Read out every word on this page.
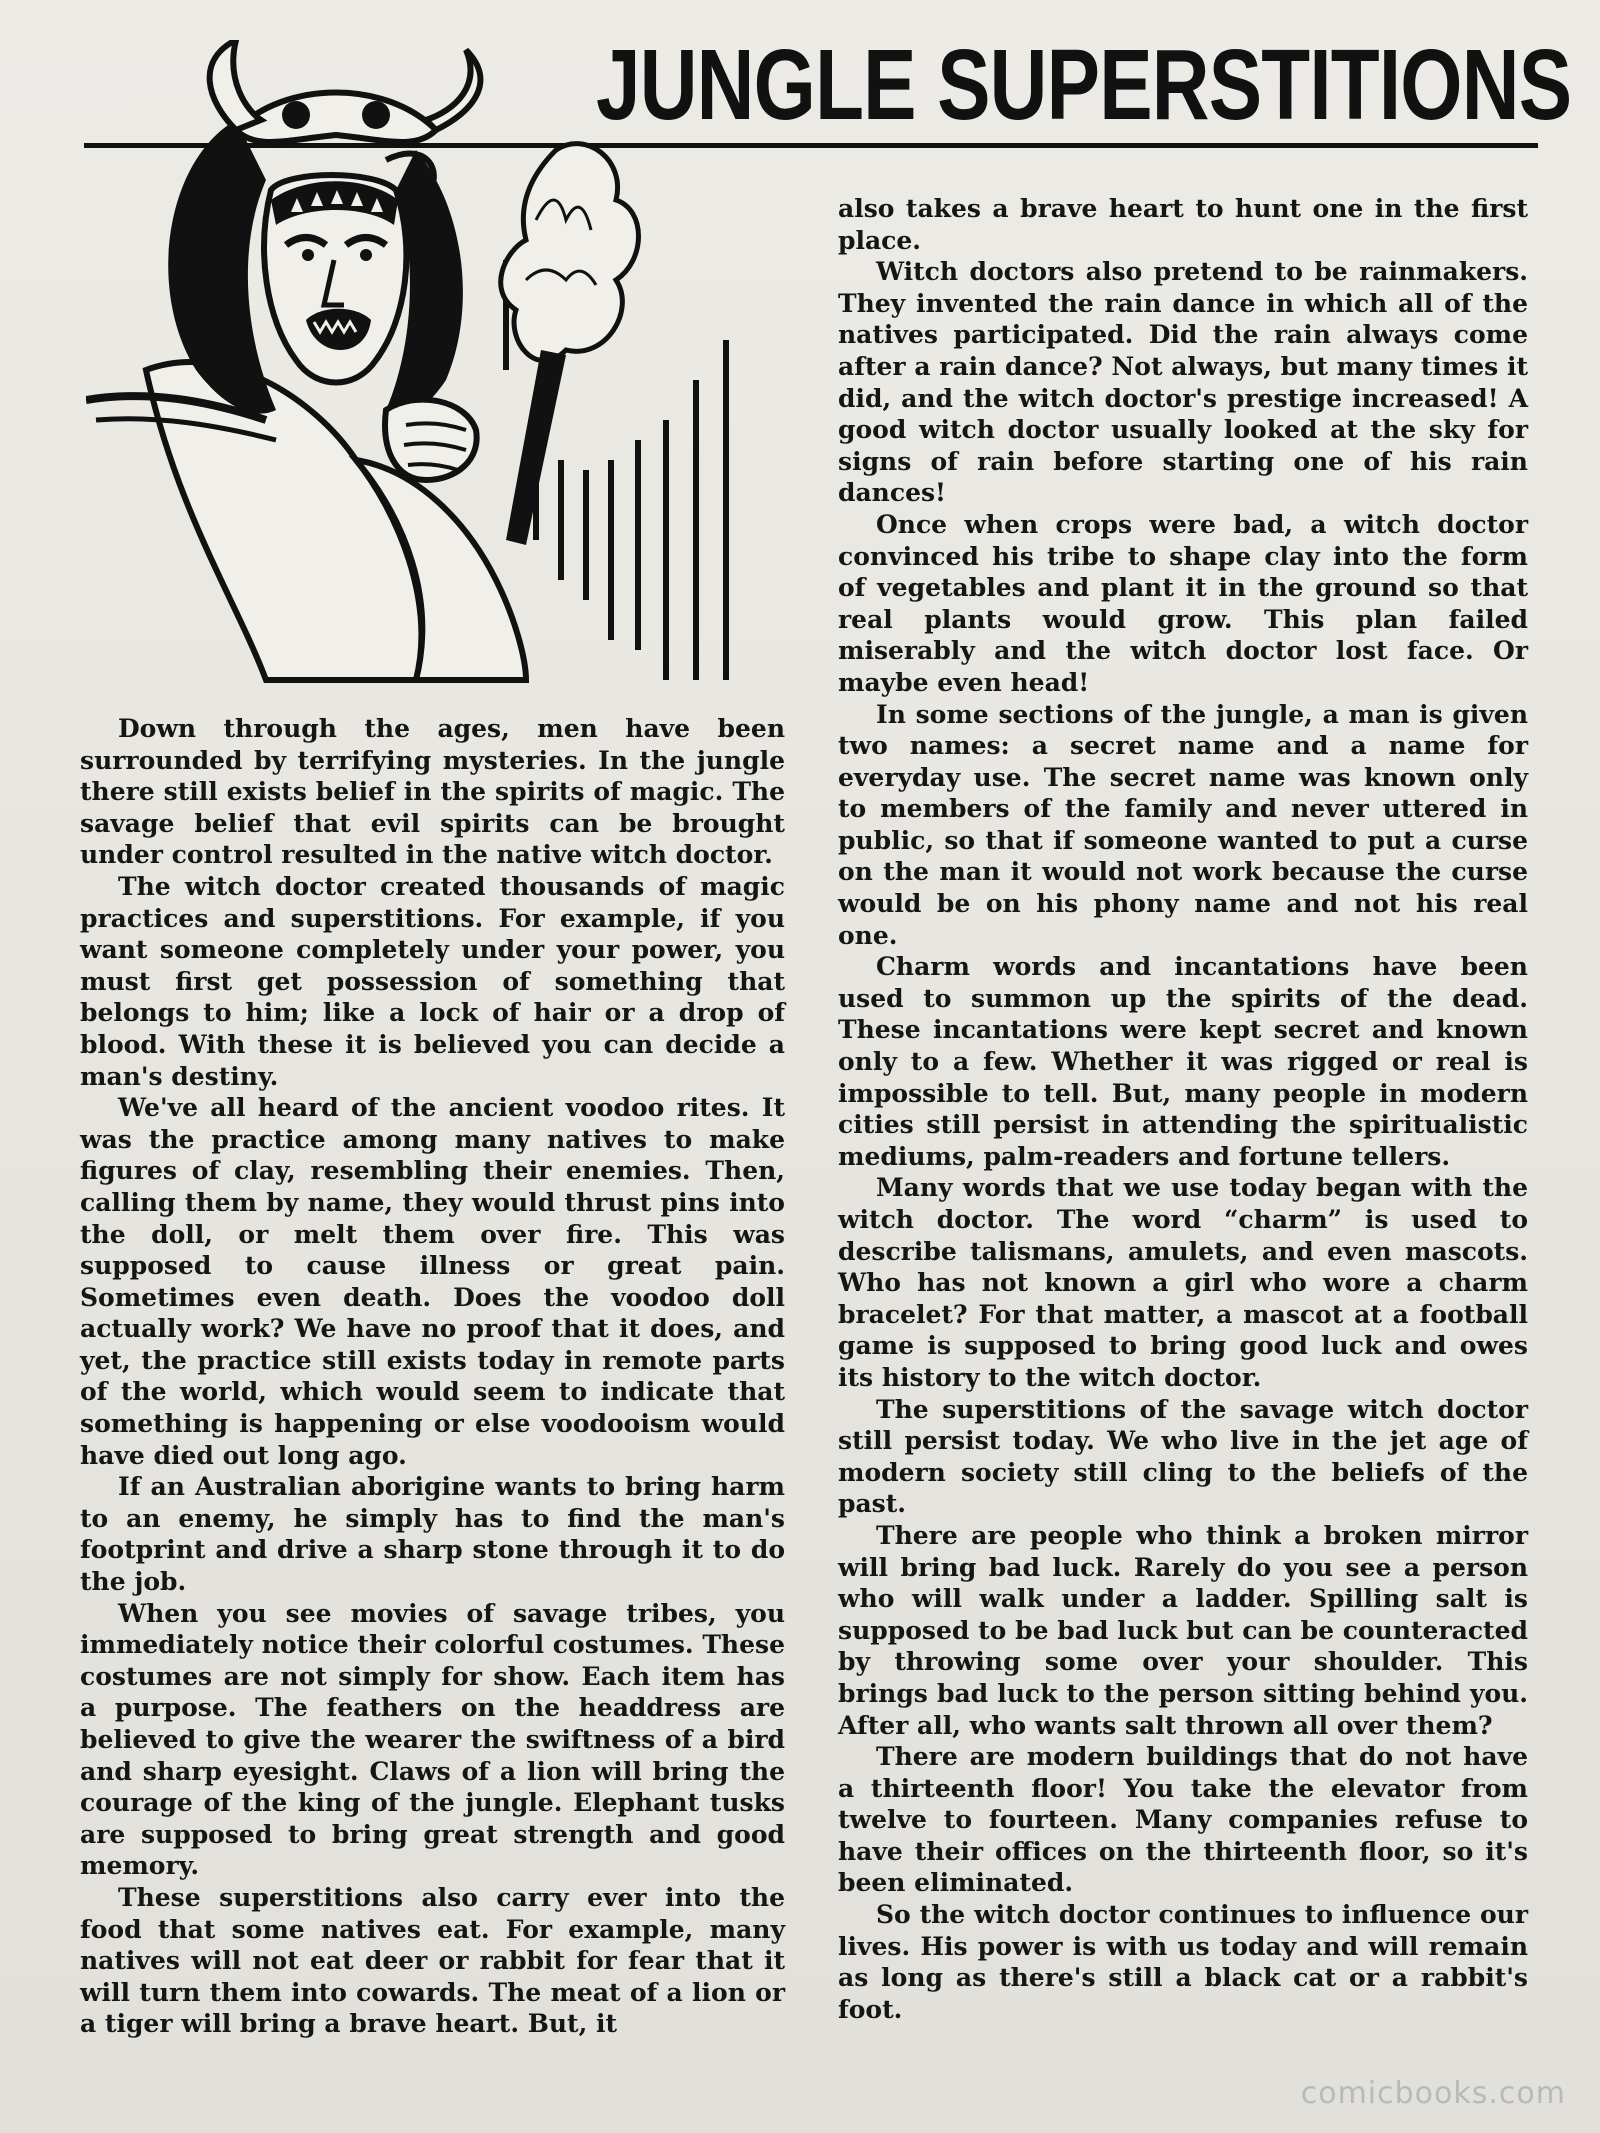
JUNGLE SUPERSTITIONS

Down through the ages, men have been surrounded by terrifying mysteries. In the jungle there still exists belief in the spirits of magic. The savage belief that evil spirits can be brought under control resulted in the native witch doctor.

The witch doctor created thousands of magic practices and superstitions. For example, if you want someone completely under your power, you must first get possession of something that belongs to him; like a lock of hair or a drop of blood. With these it is believed you can decide a man's destiny.

We've all heard of the ancient voodoo rites. It was the practice among many natives to make figures of clay, resembling their enemies. Then, calling them by name, they would thrust pins into the doll, or melt them over fire. This was supposed to cause illness or great pain. Sometimes even death. Does the voodoo doll actually work? We have no proof that it does, and yet, the practice still exists today in remote parts of the world, which would seem to indicate that something is happening or else voodooism would have died out long ago.

If an Australian aborigine wants to bring harm to an enemy, he simply has to find the man's footprint and drive a sharp stone through it to do the job.

When you see movies of savage tribes, you immediately notice their colorful costumes. These costumes are not simply for show. Each item has a purpose. The feathers on the headdress are believed to give the wearer the swiftness of a bird and sharp eyesight. Claws of a lion will bring the courage of the king of the jungle. Elephant tusks are supposed to bring great strength and good memory.

These superstitions also carry ever into the food that some natives eat. For example, many natives will not eat deer or rabbit for fear that it will turn them into cowards. The meat of a lion or a tiger will bring a brave heart. But, it

also takes a brave heart to hunt one in the first place.

Witch doctors also pretend to be rainmakers. They invented the rain dance in which all of the natives participated. Did the rain always come after a rain dance? Not always, but many times it did, and the witch doctor's prestige increased! A good witch doctor usually looked at the sky for signs of rain before starting one of his rain dances!

Once when crops were bad, a witch doctor convinced his tribe to shape clay into the form of vegetables and plant it in the ground so that real plants would grow. This plan failed miserably and the witch doctor lost face. Or maybe even head!

In some sections of the jungle, a man is given two names: a secret name and a name for everyday use. The secret name was known only to members of the family and never uttered in public, so that if someone wanted to put a curse on the man it would not work because the curse would be on his phony name and not his real one.

Charm words and incantations have been used to summon up the spirits of the dead. These incantations were kept secret and known only to a few. Whether it was rigged or real is impossible to tell. But, many people in modern cities still persist in attending the spiritualistic mediums, palm-readers and fortune tellers.

Many words that we use today began with the witch doctor. The word “charm” is used to describe talismans, amulets, and even mascots. Who has not known a girl who wore a charm bracelet? For that matter, a mascot at a football game is supposed to bring good luck and owes its history to the witch doctor.

The superstitions of the savage witch doctor still persist today. We who live in the jet age of modern society still cling to the beliefs of the past.

There are people who think a broken mirror will bring bad luck. Rarely do you see a person who will walk under a ladder. Spilling salt is supposed to be bad luck but can be counteracted by throwing some over your shoulder. This brings bad luck to the person sitting behind you. After all, who wants salt thrown all over them?

There are modern buildings that do not have a thirteenth floor! You take the elevator from twelve to fourteen. Many companies refuse to have their offices on the thirteenth floor, so it's been eliminated.

So the witch doctor continues to influence our lives. His power is with us today and will remain as long as there's still a black cat or a rabbit's foot.

comicbooks.com
